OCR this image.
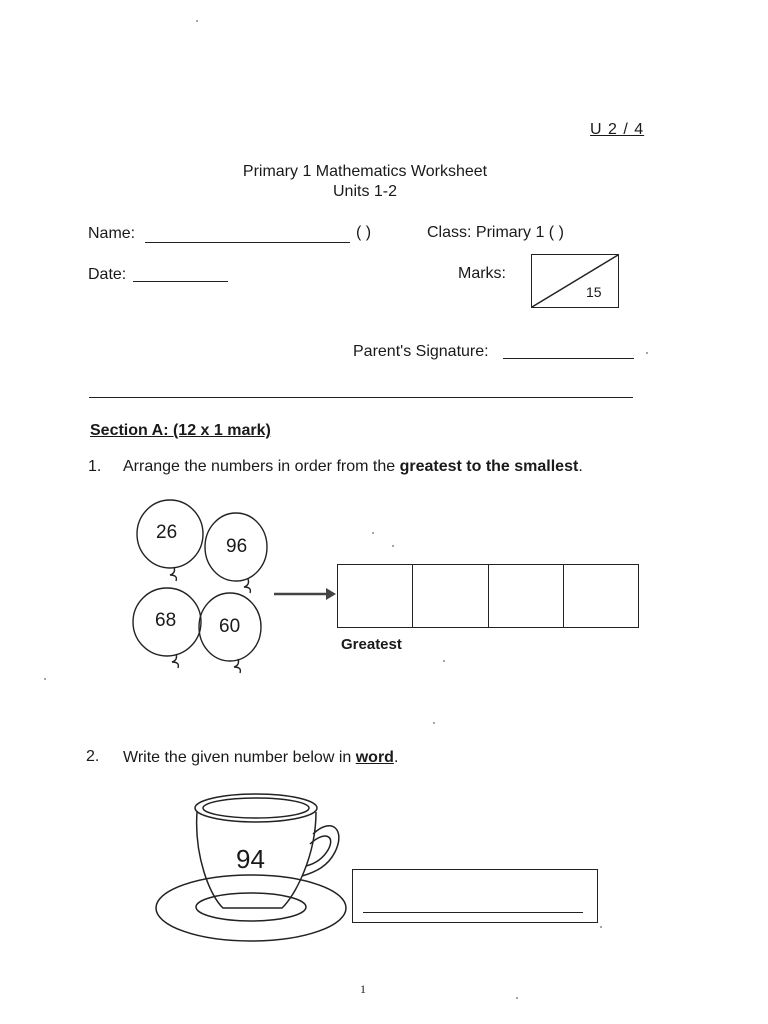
U 2 / 4
Primary 1 Mathematics Worksheet
Units 1-2
Name:	( )	Class: Primary 1 ( )
Date:	Marks:
15
Parent's Signature:
Section A: (12 x 1 mark)
1. Arrange the numbers in order from the greatest to the smallest.
26
96
68 60
Greatest
2. Write the given number below in word.
94
1
